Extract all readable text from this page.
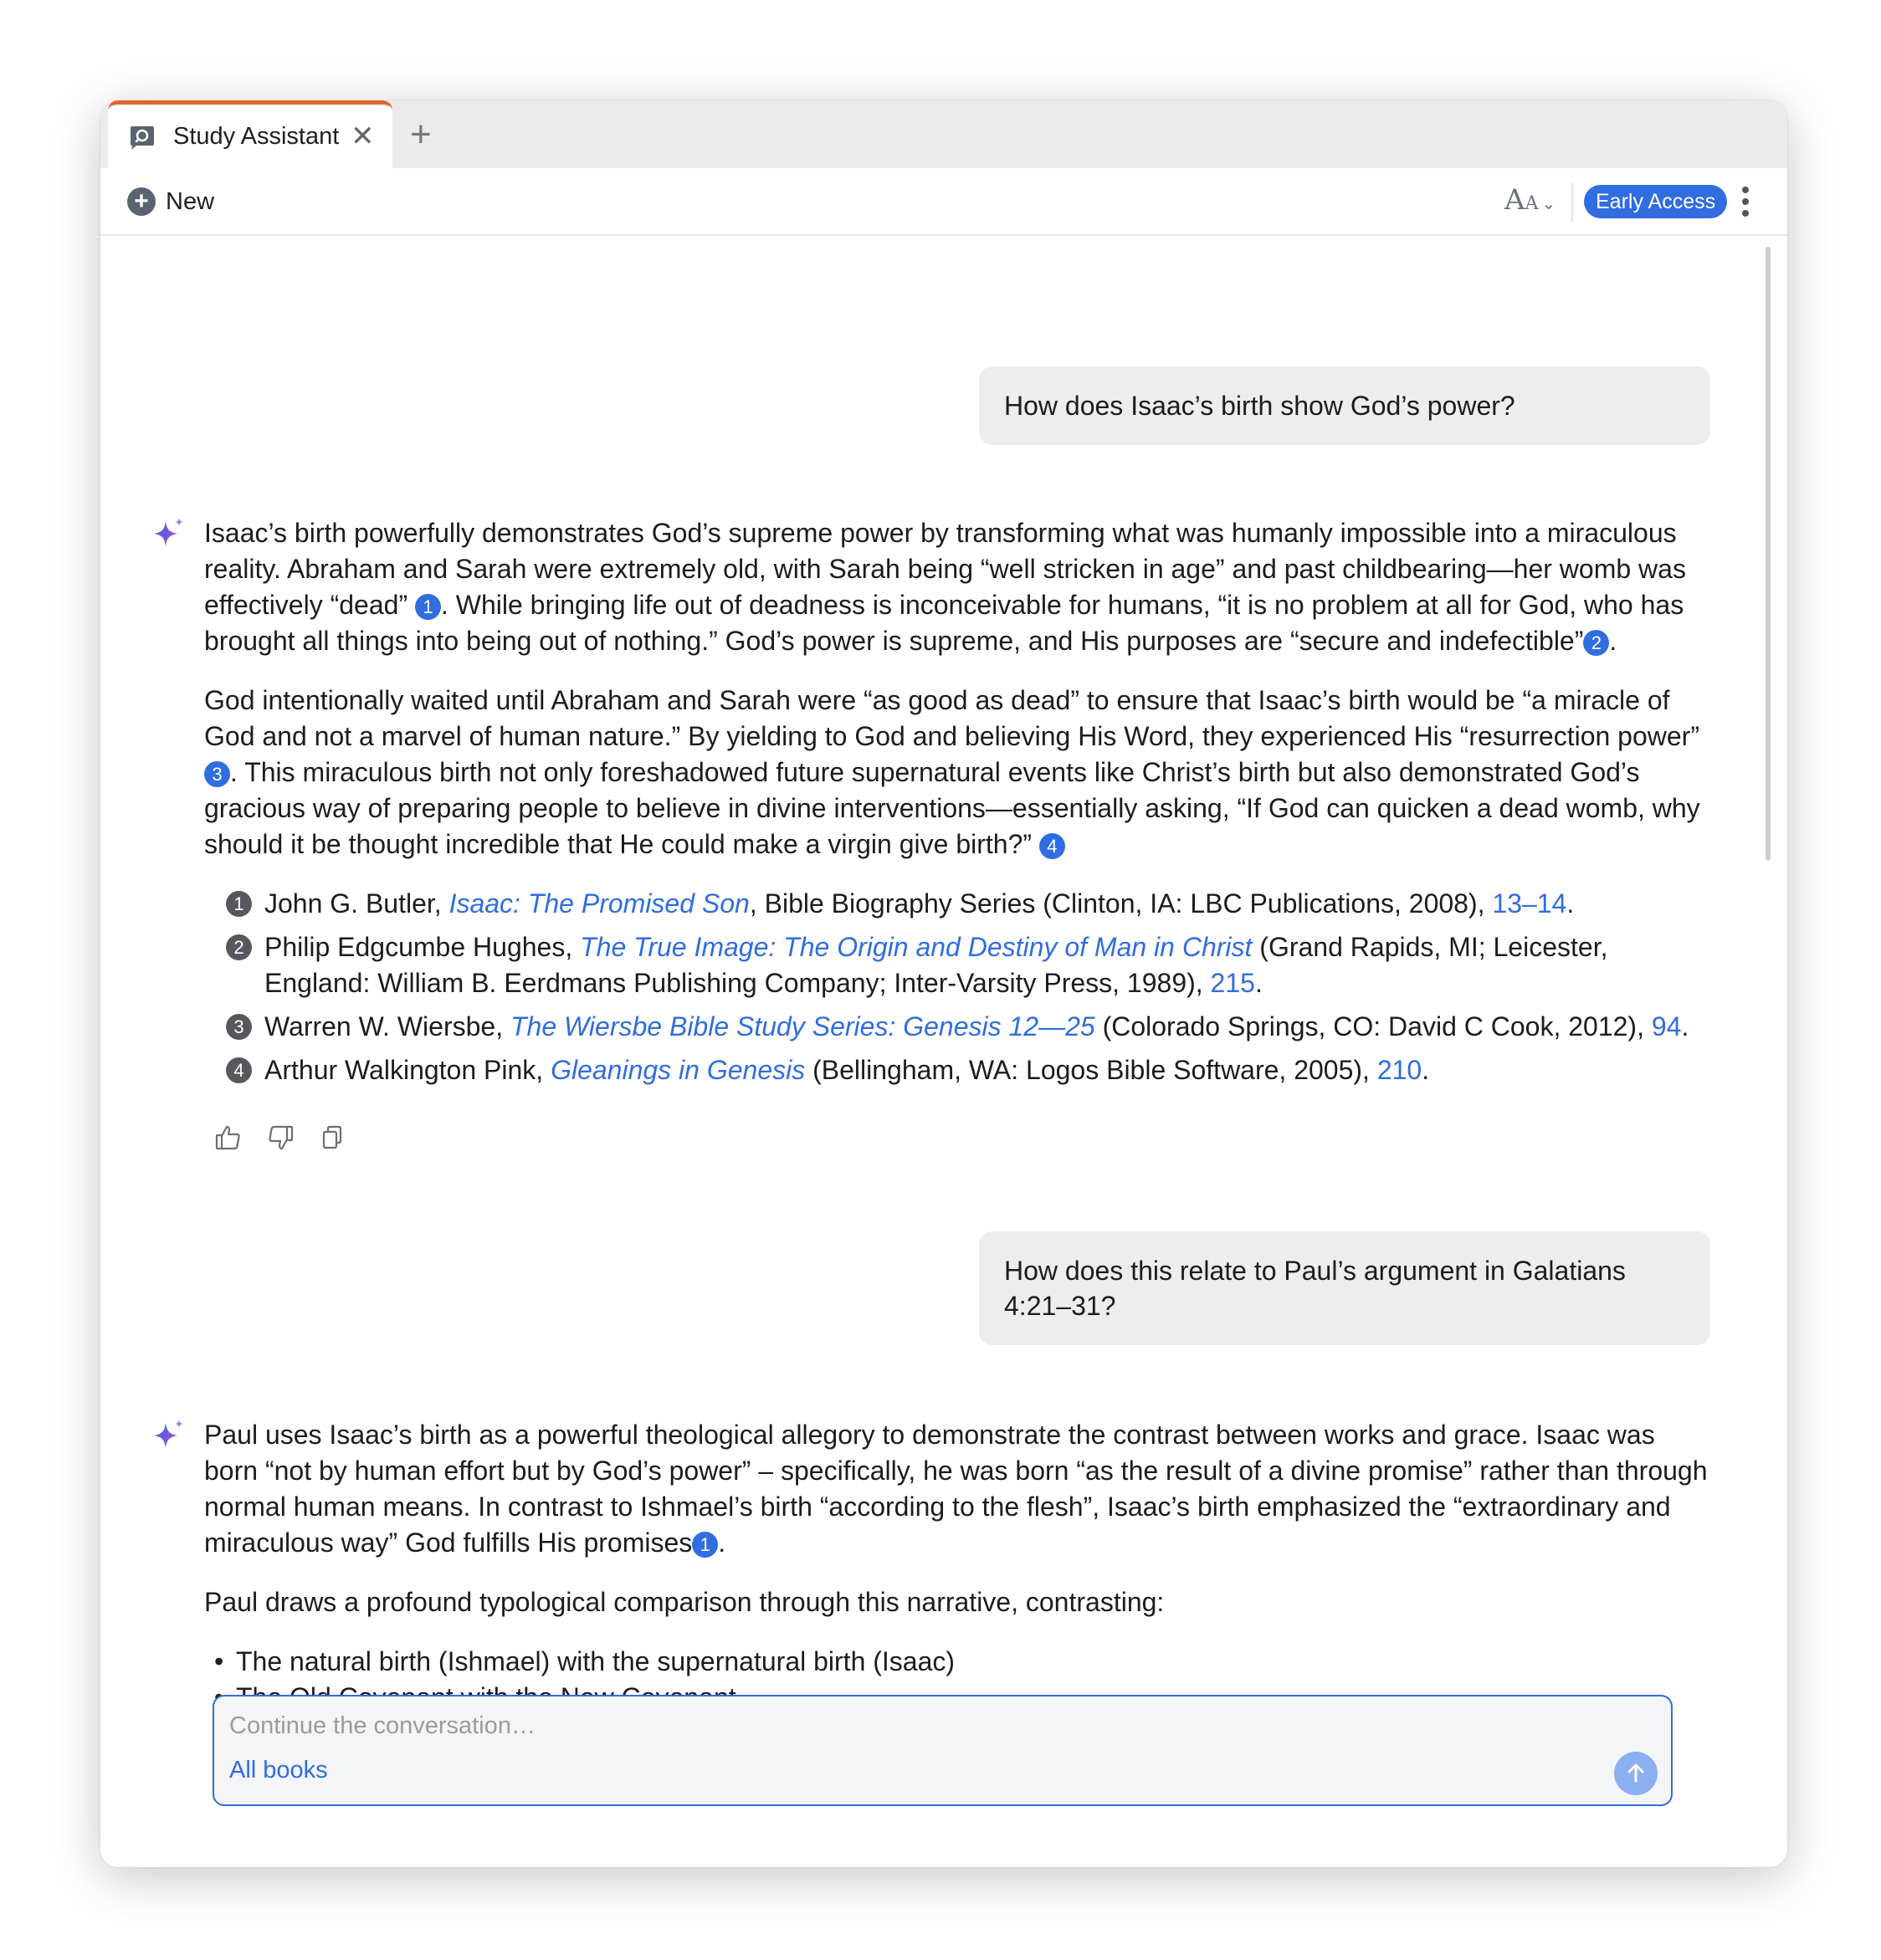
Study Assistant ✕ +
+ New	AA ⌄	Early Access
How does Isaac’s birth show God’s power?

Isaac’s birth powerfully demonstrates God’s supreme power by transforming what was humanly impossible into a miraculous reality. Abraham and Sarah were extremely old, with Sarah being “well stricken in age” and past childbearing—her womb was effectively “dead” 1 . While bringing life out of deadness is inconceivable for humans, “it is no problem at all for God, who has brought all things into being out of nothing.” God’s power is supreme, and His purposes are “secure and indefectible” 2 .

God intentionally waited until Abraham and Sarah were “as good as dead” to ensure that Isaac’s birth would be “a miracle of God and not a marvel of human nature.” By yielding to God and believing His Word, they experienced His “resurrection power” 3 . This miraculous birth not only foreshadowed future supernatural events like Christ’s birth but also demonstrated God’s gracious way of preparing people to believe in divine interventions—essentially asking, “If God can quicken a dead womb, why should it be thought incredible that He could make a virgin give birth?” 4

1 John G. Butler, Isaac: The Promised Son, Bible Biography Series (Clinton, IA: LBC Publications, 2008), 13–14.
2 Philip Edgcumbe Hughes, The True Image: The Origin and Destiny of Man in Christ (Grand Rapids, MI; Leicester, England: William B. Eerdmans Publishing Company; Inter-Varsity Press, 1989), 215.
3 Warren W. Wiersbe, The Wiersbe Bible Study Series: Genesis 12—25 (Colorado Springs, CO: David C Cook, 2012), 94.
4 Arthur Walkington Pink, Gleanings in Genesis (Bellingham, WA: Logos Bible Software, 2005), 210.
How does this relate to Paul’s argument in Galatians 4:21–31?

Paul uses Isaac’s birth as a powerful theological allegory to demonstrate the contrast between works and grace. Isaac was born “not by human effort but by God’s power” – specifically, he was born “as the result of a divine promise” rather than through normal human means. In contrast to Ishmael’s birth “according to the flesh”, Isaac’s birth emphasized the “extraordinary and miraculous way” God fulfills His promises 1 .

Paul draws a profound typological comparison through this narrative, contrasting:

• The natural birth (Ishmael) with the supernatural birth (Isaac)
•
•

Continue the conversation…
All books
